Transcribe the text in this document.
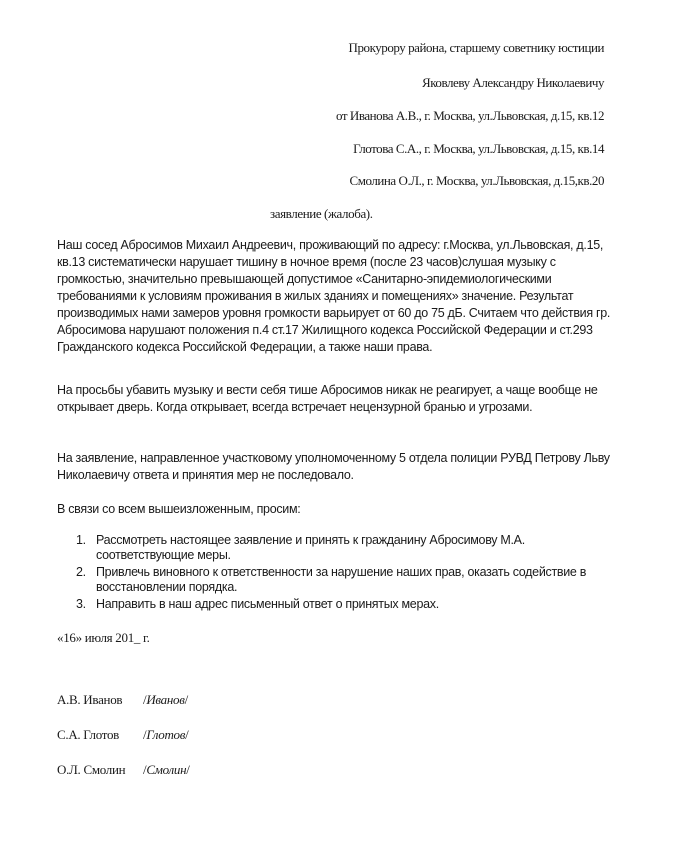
Прокурору района, старшему советнику юстиции
Яковлеву Александру Николаевичу
от Иванова А.В., г. Москва, ул.Львовская, д.15, кв.12
Глотова С.А., г. Москва, ул.Львовская, д.15, кв.14
Смолина О.Л., г. Москва, ул.Львовская, д.15,кв.20
заявление (жалоба).

Наш сосед Абросимов Михаил Андреевич, проживающий по адресу: г.Москва, ул.Львовская, д.15, кв.13 систематически нарушает тишину в ночное время (после 23 часов)слушая музыку с громкостью, значительно превышающей допустимое «Санитарно-эпидемиологическими требованиями к условиям проживания в жилых зданиях и помещениях» значение. Результат производимых нами замеров уровня громкости варьирует от 60 до 75 дБ. Считаем что действия гр. Абросимова нарушают положения п.4 ст.17 Жилищного кодекса Российской Федерации и ст.293 Гражданского кодекса Российской Федерации, а также наши права.

На просьбы убавить музыку и вести себя тише Абросимов никак не реагирует, а чаще вообще не открывает дверь. Когда открывает, всегда встречает нецензурной бранью и угрозами.

На заявление, направленное участковому уполномоченному 5 отдела полиции РУВД Петрову Льву Николаевичу ответа и принятия мер не последовало.

В связи со всем вышеизложенным, просим:

1. Рассмотреть настоящее заявление и принять к гражданину Абросимову М.А. соответствующие меры.
2. Привлечь виновного к ответственности за нарушение наших прав, оказать содействие в восстановлении порядка.
3. Направить в наш адрес письменный ответ о принятых мерах.
«16» июля 201_ г.
А.В. Иванов /Иванов/
С.А. Глотов /Глотов/
О.Л. Смолин /Смолин/
